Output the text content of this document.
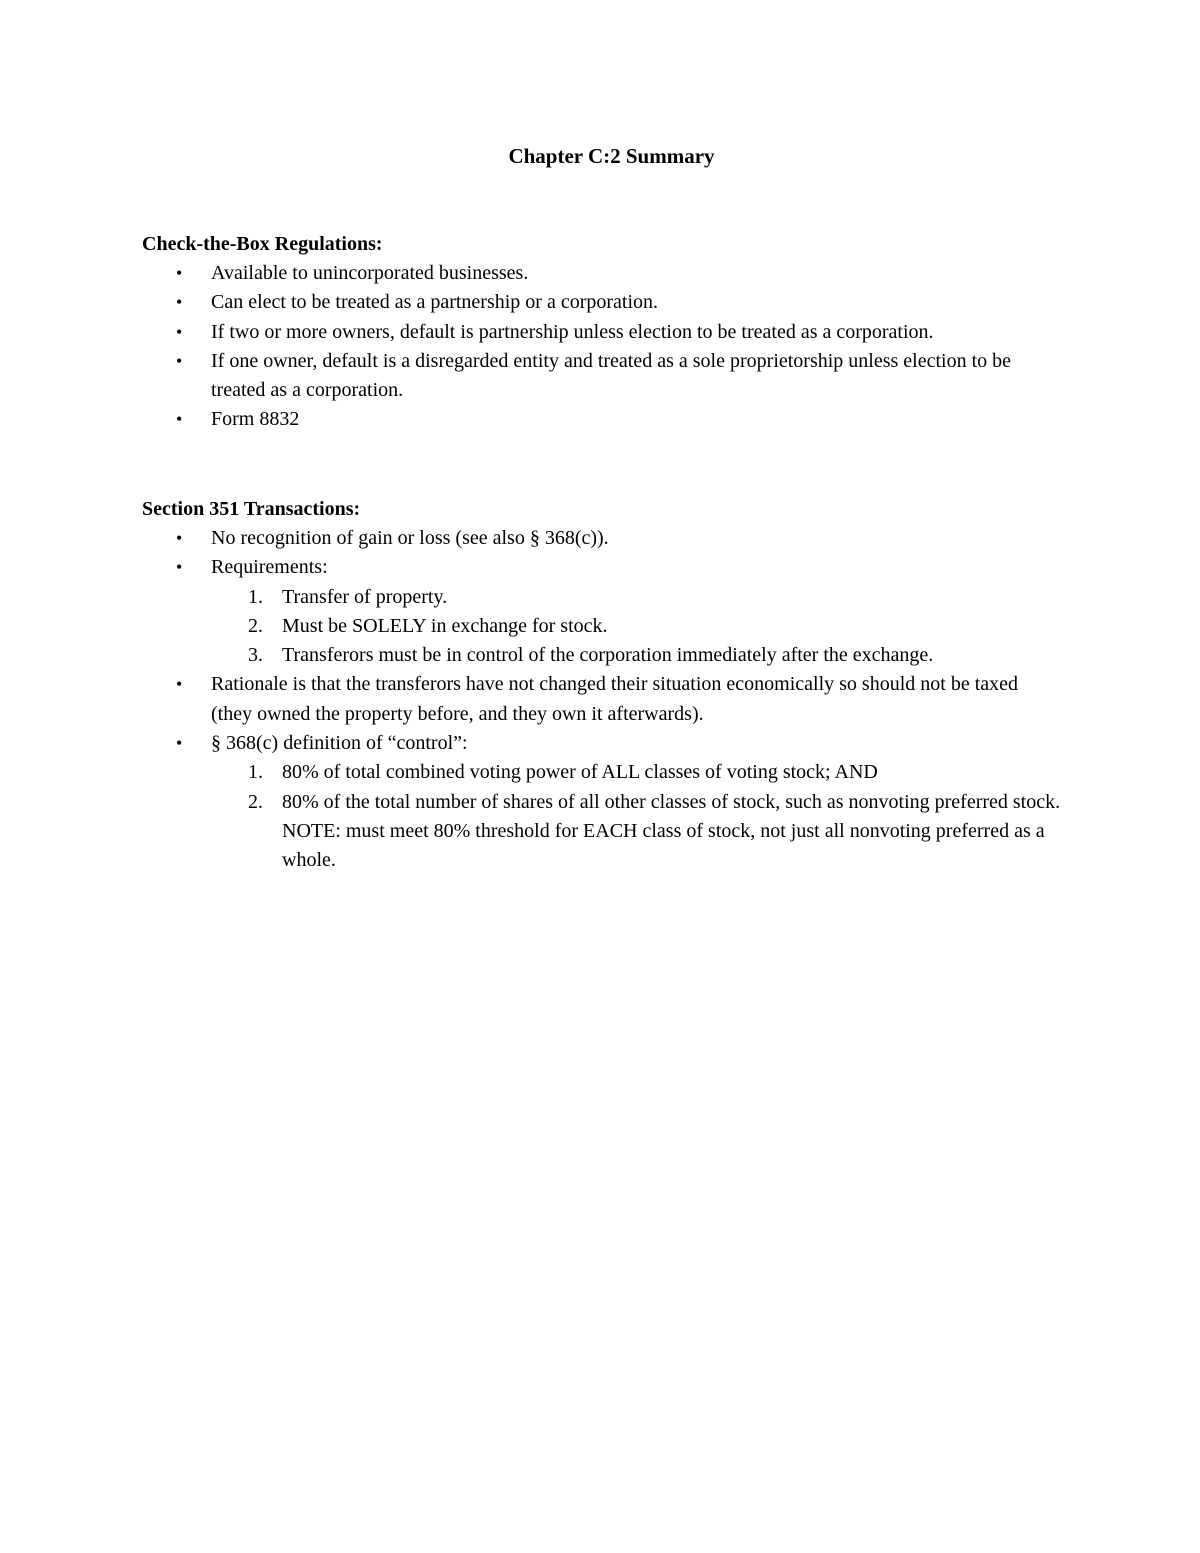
Chapter C:2 Summary

Check-the-Box Regulations:

• Available to unincorporated businesses.
• Can elect to be treated as a partnership or a corporation.
• If two or more owners, default is partnership unless election to be treated as a corporation.
• If one owner, default is a disregarded entity and treated as a sole proprietorship unless election to be treated as a corporation.
• Form 8832

Section 351 Transactions:

• No recognition of gain or loss (see also § 368(c)).
• Requirements:
1. Transfer of property.
2. Must be SOLELY in exchange for stock.
3. Transferors must be in control of the corporation immediately after the exchange.
• Rationale is that the transferors have not changed their situation economically so should not be taxed (they owned the property before, and they own it afterwards).
• § 368(c) definition of “control”:
1. 80% of total combined voting power of ALL classes of voting stock; AND
2. 80% of the total number of shares of all other classes of stock, such as nonvoting preferred stock. NOTE: must meet 80% threshold for EACH class of stock, not just all nonvoting preferred as a whole.
